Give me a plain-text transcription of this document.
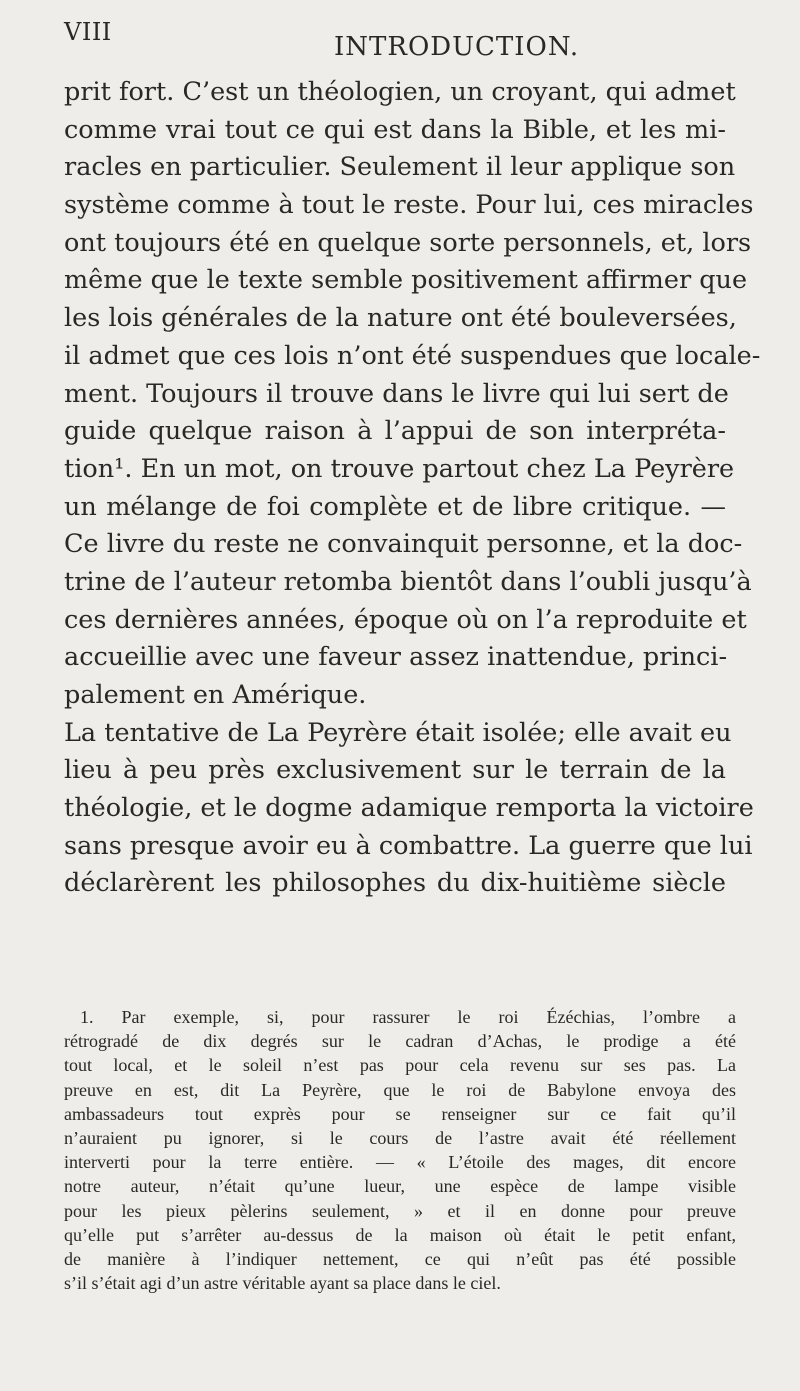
VIII	INTRODUCTION.
prit fort. C’est un théologien, un croyant, qui admet
comme vrai tout ce qui est dans la Bible, et les mi-
racles en particulier. Seulement il leur applique son
système comme à tout le reste. Pour lui, ces miracles
ont toujours été en quelque sorte personnels, et, lors
même que le texte semble positivement affirmer que
les lois générales de la nature ont été bouleversées,
il admet que ces lois n’ont été suspendues que locale-
ment. Toujours il trouve dans le livre qui lui sert de
guide quelque raison à l’appui de son interpréta-
tion¹. En un mot, on trouve partout chez La Peyrère
un mélange de foi complète et de libre critique. —
Ce livre du reste ne convainquit personne, et la doc-
trine de l’auteur retomba bientôt dans l’oubli jusqu’à
ces dernières années, époque où on l’a reproduite et
accueillie avec une faveur assez inattendue, princi-
palement en Amérique.
La tentative de La Peyrère était isolée; elle avait eu
lieu à peu près exclusivement sur le terrain de la
théologie, et le dogme adamique remporta la victoire
sans presque avoir eu à combattre. La guerre que lui
déclarèrent les philosophes du dix-huitième siècle
1. Par exemple, si, pour rassurer le roi Ézéchias, l’ombre a
rétrogradé de dix degrés sur le cadran d’Achas, le prodige a été
tout local, et le soleil n’est pas pour cela revenu sur ses pas. La
preuve en est, dit La Peyrère, que le roi de Babylone envoya des
ambassadeurs tout exprès pour se renseigner sur ce fait qu’il
n’auraient pu ignorer, si le cours de l’astre avait été réellement
interverti pour la terre entière. — « L’étoile des mages, dit encore
notre auteur, n’était qu’une lueur, une espèce de lampe visible
pour les pieux pèlerins seulement, » et il en donne pour preuve
qu’elle put s’arrêter au-dessus de la maison où était le petit enfant,
de manière à l’indiquer nettement, ce qui n’eût pas été possible
s’il s’était agi d’un astre véritable ayant sa place dans le ciel.
